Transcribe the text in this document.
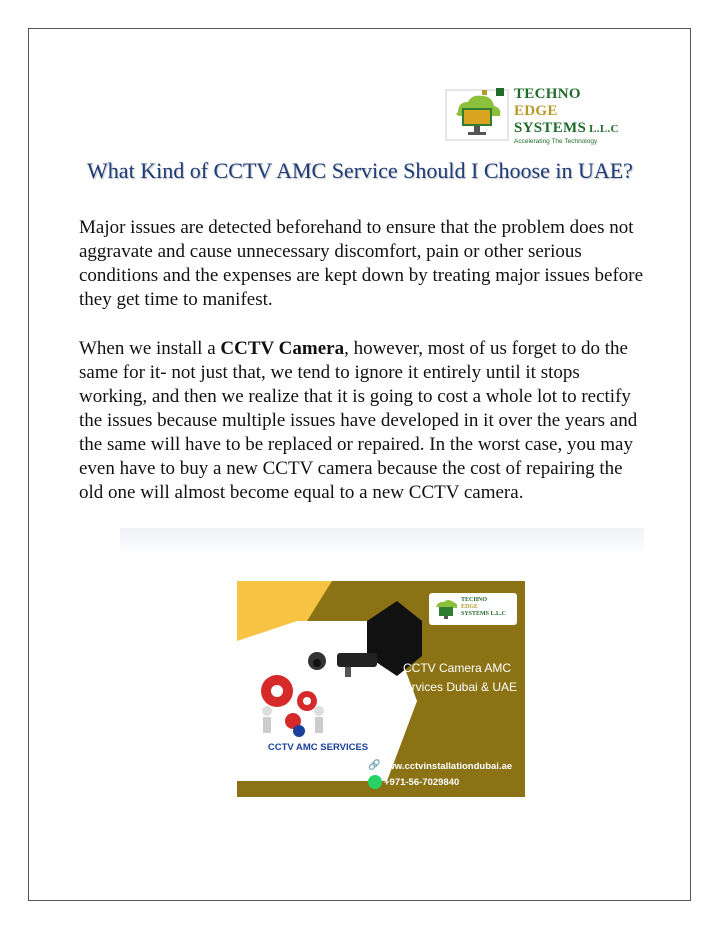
TECHNO
EDGE
SYSTEMS L.L.C
Accelerating The Technology
What Kind of CCTV AMC Service Should I Choose in UAE?
Major issues are detected beforehand to ensure that the problem does not aggravate and cause unnecessary discomfort, pain or other serious conditions and the expenses are kept down by treating major issues before they get time to manifest.
When we install a CCTV Camera, however, most of us forget to do the same for it- not just that, we tend to ignore it entirely until it stops working, and then we realize that it is going to cost a whole lot to rectify the issues because multiple issues have developed in it over the years and the same will have to be replaced or repaired. In the worst case, you may even have to buy a new CCTV camera because the cost of repairing the old one will almost become equal to a new CCTV camera.
TECHNO
EDGE
SYSTEMS L.L.C
CCTV Camera AMC
Services Dubai & UAE
CCTV AMC SERVICES
🔗 www.cctvinstallationdubai.ae
+971-56-7029840
